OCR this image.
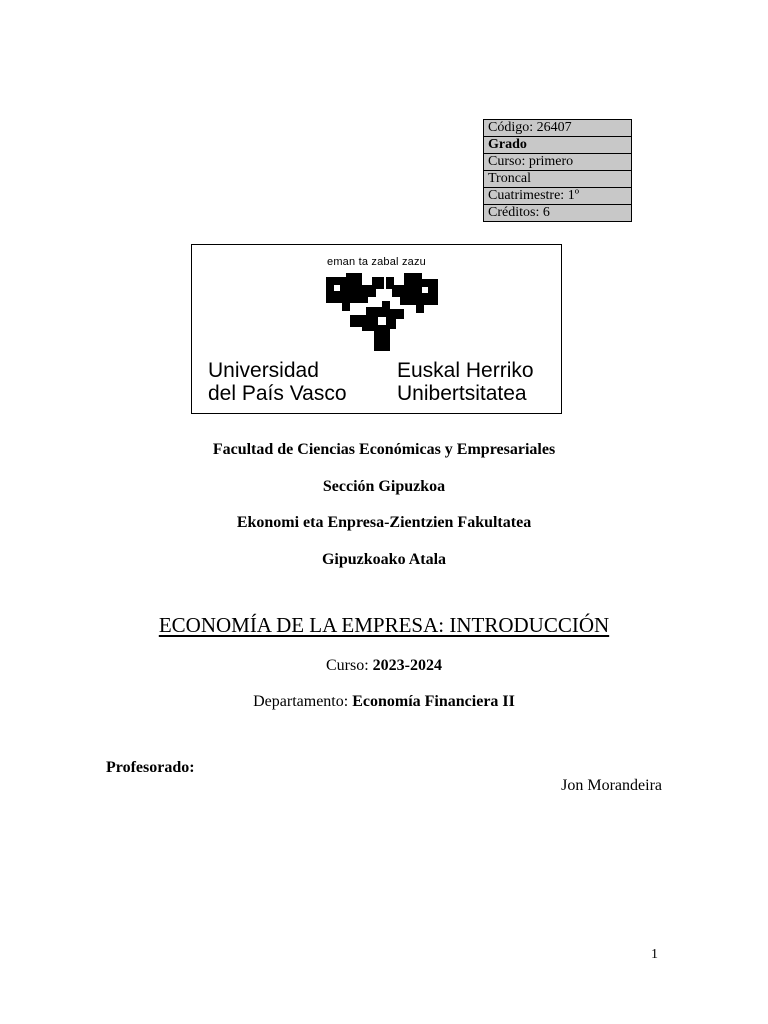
Código: 26407
Grado
Curso: primero
Troncal
Cuatrimestre: 1º
Créditos: 6
eman ta zabal zazu
Universidad
del País Vasco
Euskal Herriko
Unibertsitatea
Facultad de Ciencias Económicas y Empresariales
Sección Gipuzkoa
Ekonomi eta Enpresa-Zientzien Fakultatea
Gipuzkoako Atala
ECONOMÍA DE LA EMPRESA: INTRODUCCIÓN
Curso: 2023-2024
Departamento: Economía Financiera II
Profesorado:
Jon Morandeira
1
